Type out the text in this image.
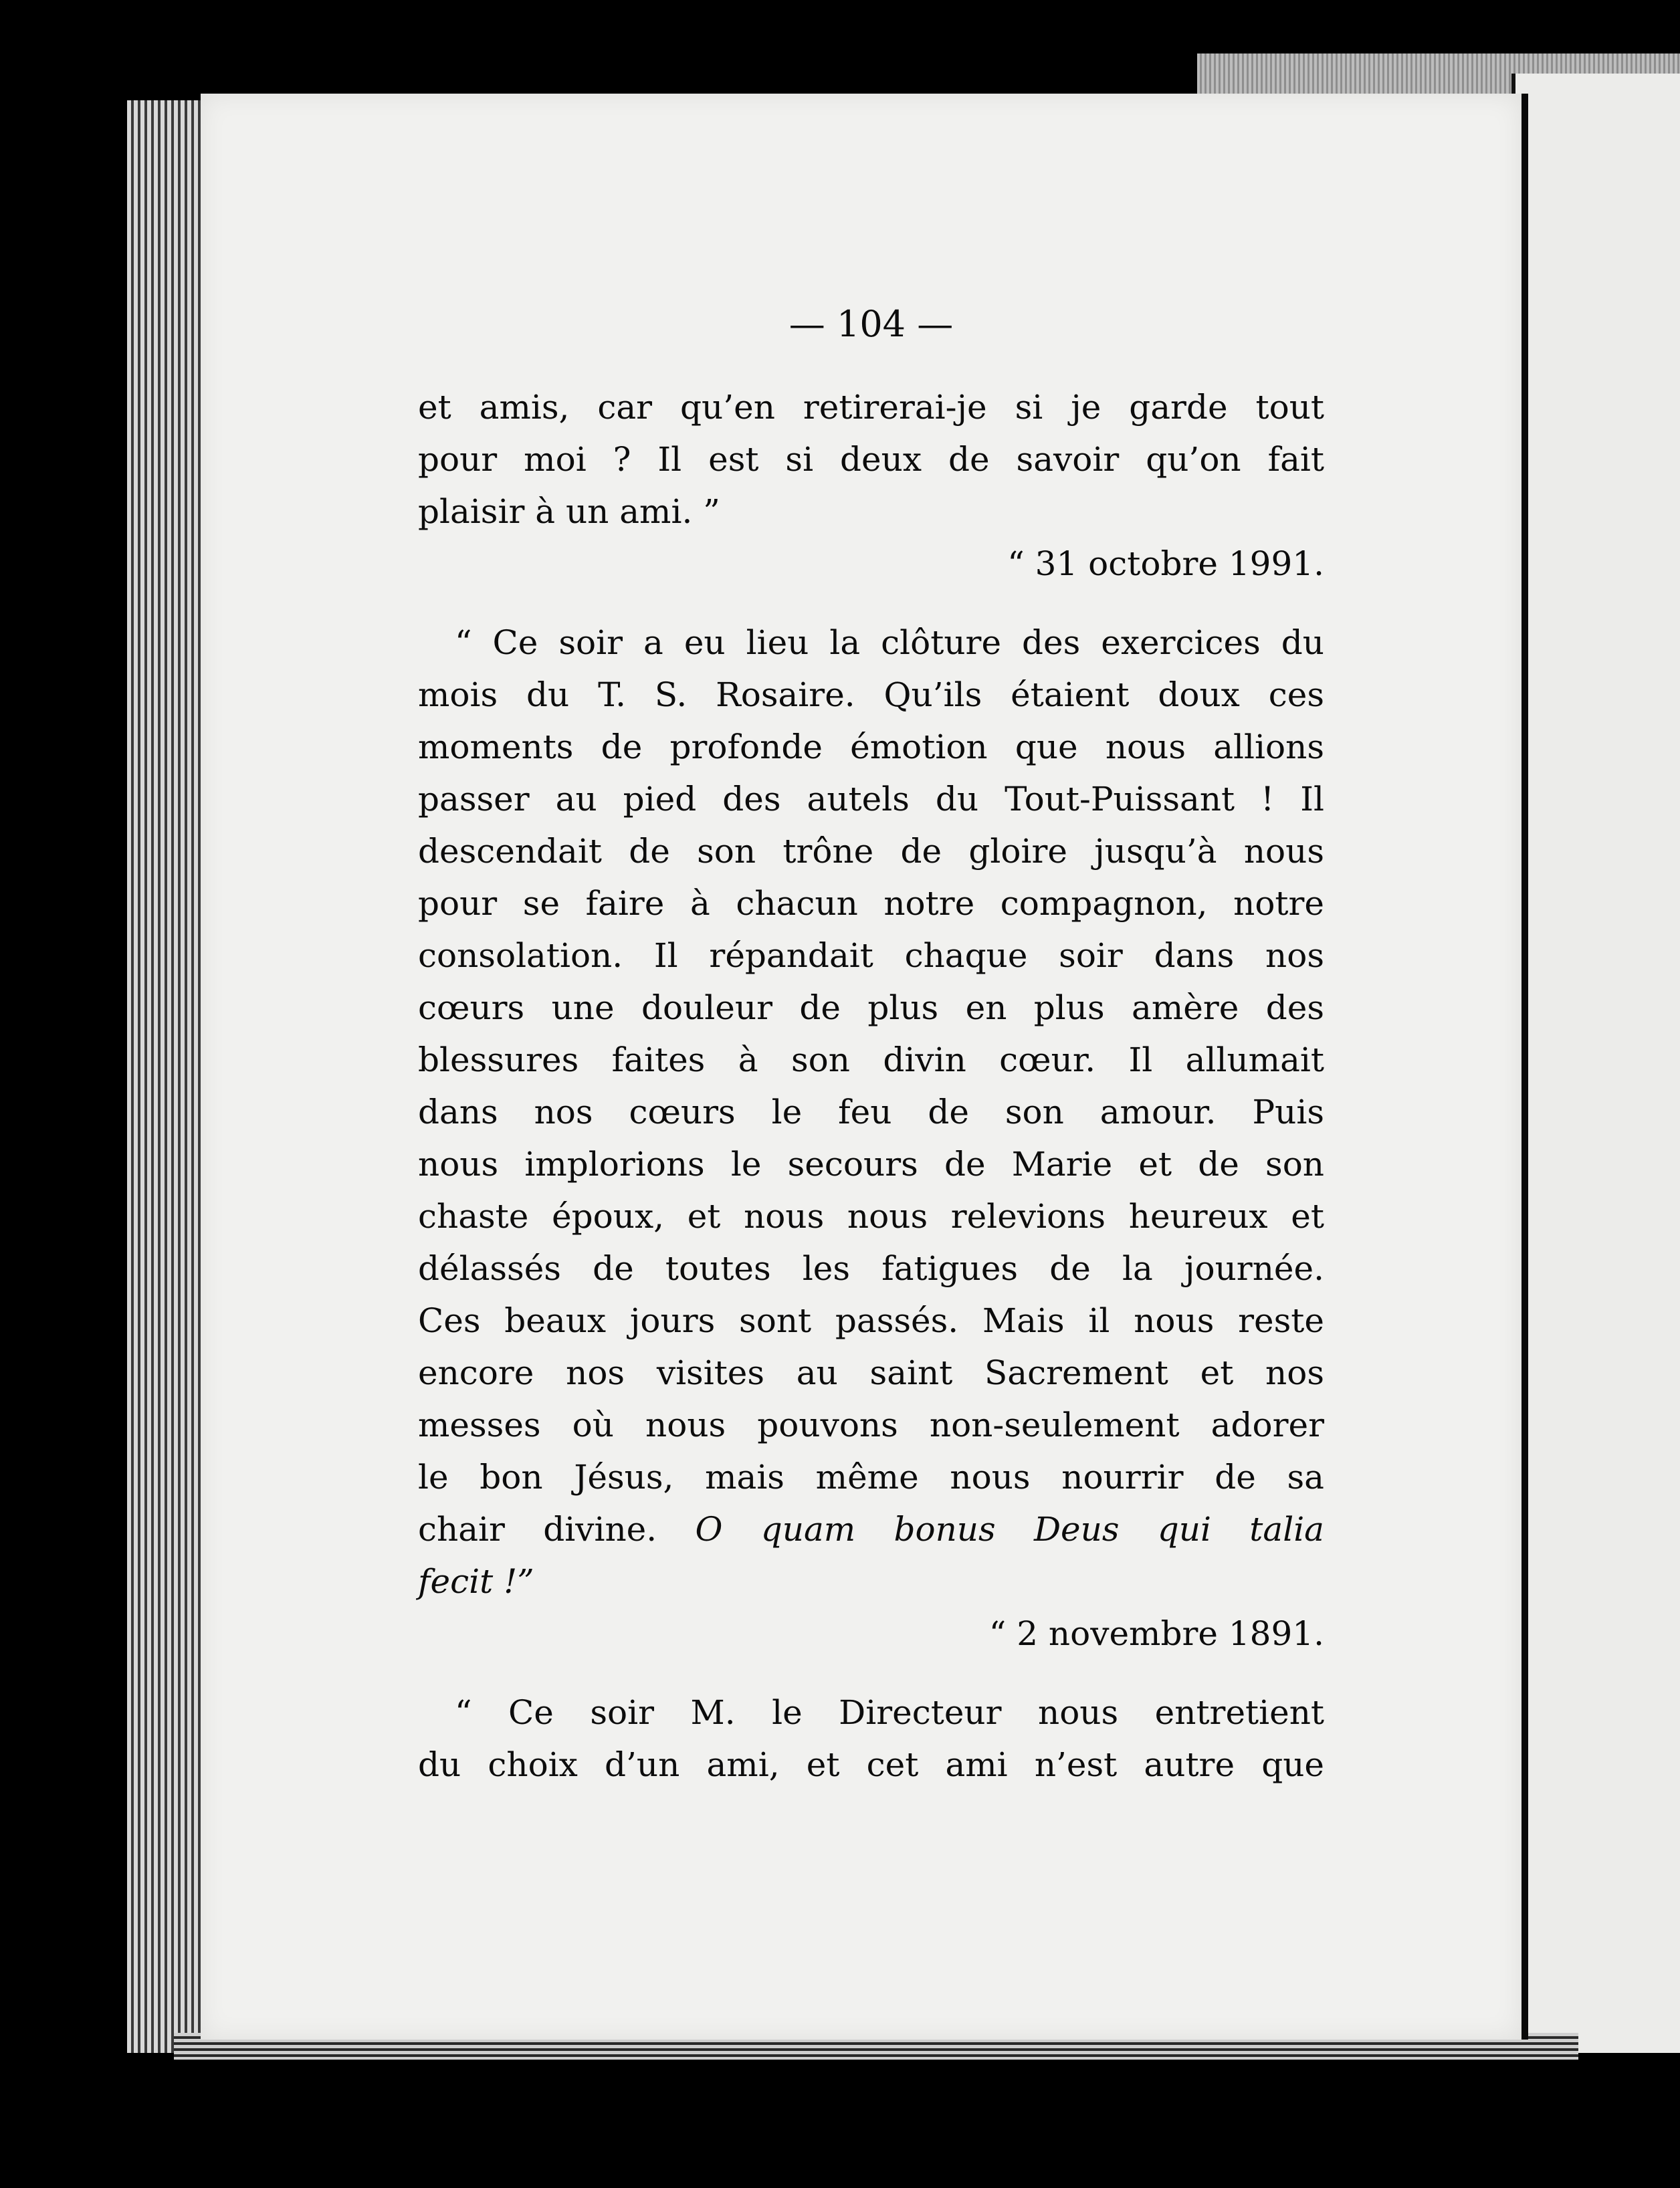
— 104 —
et amis, car qu’en retirerai-je si je garde tout
pour moi ? Il est si deux de savoir qu’on fait
plaisir à un ami. ”
“ 31 octobre 1991.
“ Ce soir a eu lieu la clôture des exercices du
mois du T. S. Rosaire. Qu’ils étaient doux ces
moments de profonde émotion que nous allions
passer au pied des autels du Tout-Puissant ! Il
descendait de son trône de gloire jusqu’à nous
pour se faire à chacun notre compagnon, notre
consolation. Il répandait chaque soir dans nos
cœurs une douleur de plus en plus amère des
blessures faites à son divin cœur. Il allumait
dans nos cœurs le feu de son amour. Puis
nous implorions le secours de Marie et de son
chaste époux, et nous nous relevions heureux et
délassés de toutes les fatigues de la journée.
Ces beaux jours sont passés. Mais il nous reste
encore nos visites au saint Sacrement et nos
messes où nous pouvons non-seulement adorer
le bon Jésus, mais même nous nourrir de sa
chair divine. O quam bonus Deus qui talia
fecit !”
“ 2 novembre 1891.
“ Ce soir M. le Directeur nous entretient
du choix d’un ami, et cet ami n’est autre que
